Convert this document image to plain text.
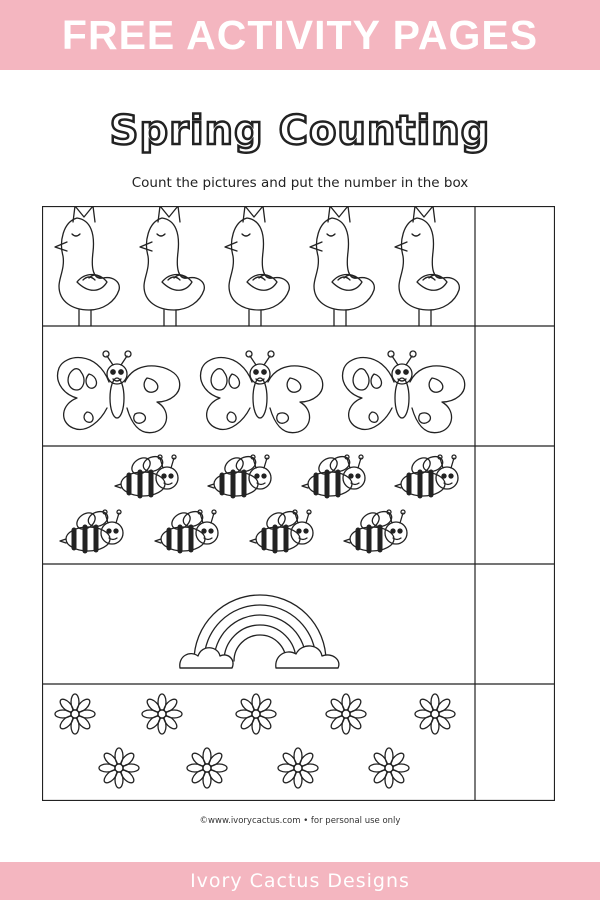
FREE ACTIVITY PAGES
Spring Counting
Count the pictures and put the number in the box
©www.ivorycactus.com • for personal use only
Ivory Cactus Designs
